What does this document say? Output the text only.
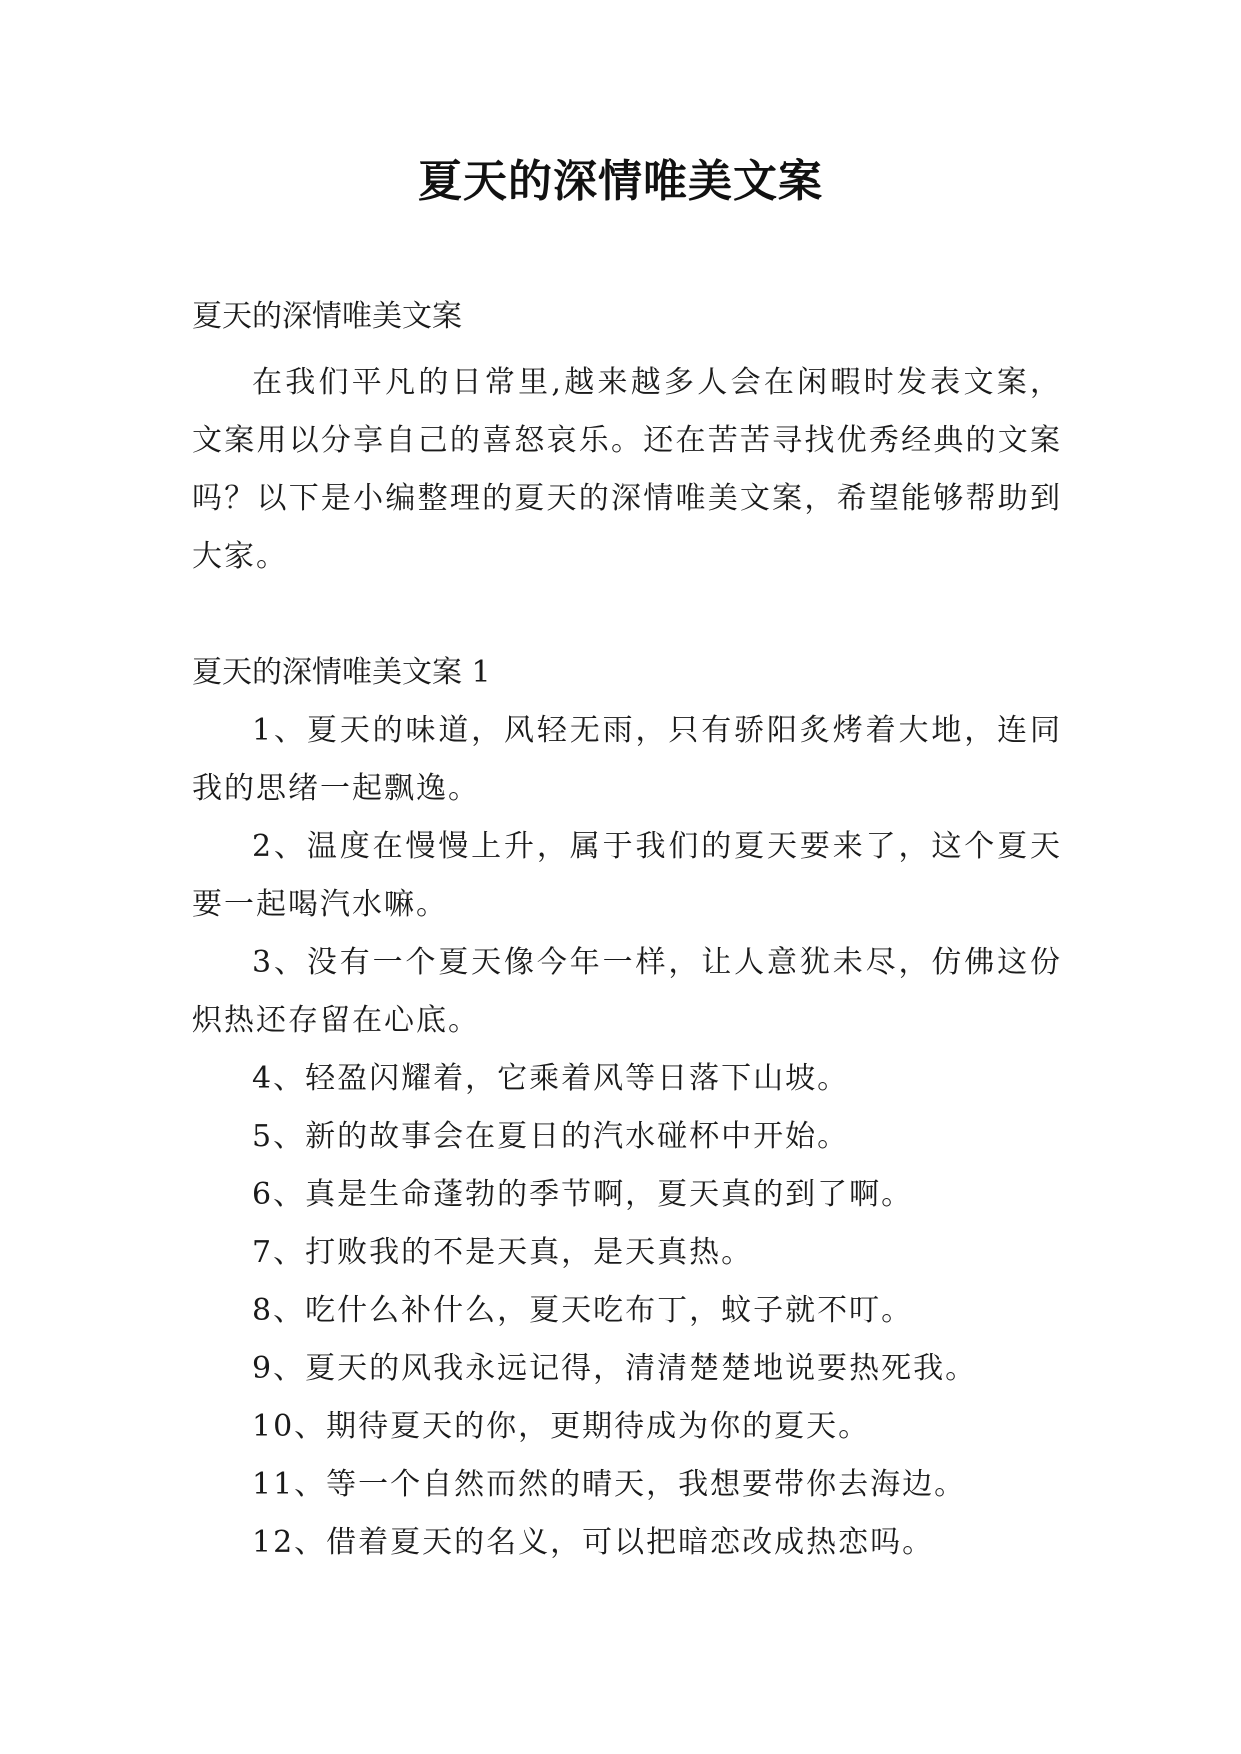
夏天的深情唯美文案

夏天的深情唯美文案

在我们平凡的日常里,越来越多人会在闲暇时发表文案，文案用以分享自己的喜怒哀乐。还在苦苦寻找优秀经典的文案吗？以下是小编整理的夏天的深情唯美文案，希望能够帮助到大家。

夏天的深情唯美文案 1

1、夏天的味道，风轻无雨，只有骄阳炙烤着大地，连同我的思绪一起飘逸。

2、温度在慢慢上升，属于我们的夏天要来了，这个夏天要一起喝汽水嘛。

3、没有一个夏天像今年一样，让人意犹未尽，仿佛这份炽热还存留在心底。

4、轻盈闪耀着，它乘着风等日落下山坡。

5、新的故事会在夏日的汽水碰杯中开始。

6、真是生命蓬勃的季节啊，夏天真的到了啊。

7、打败我的不是天真，是天真热。

8、吃什么补什么，夏天吃布丁，蚊子就不叮。

9、夏天的风我永远记得，清清楚楚地说要热死我。

10、期待夏天的你，更期待成为你的夏天。

11、等一个自然而然的晴天，我想要带你去海边。

12、借着夏天的名义，可以把暗恋改成热恋吗。
